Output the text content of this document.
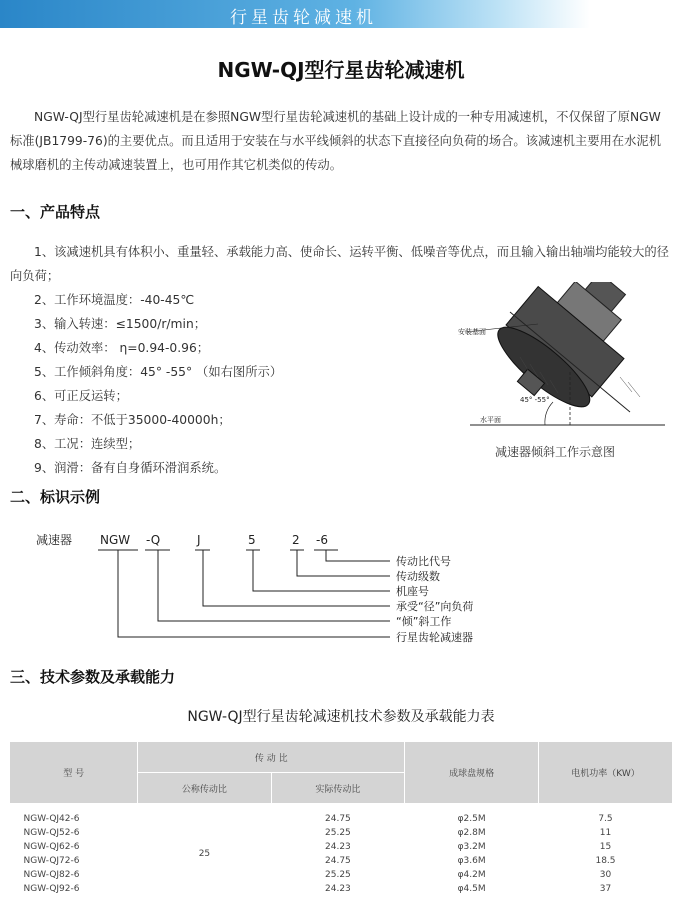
行星齿轮减速机
NGW-QJ型行星齿轮减速机

NGW-QJ型行星齿轮减速机是在参照NGW型行星齿轮减速机的基础上设计成的一种专用减速机，不仅保留了原NGW标准(JB1799-76)的主要优点。而且适用于安装在与水平线倾斜的状态下直接径向负荷的场合。该减速机主要用在水泥机械球磨机的主传动减速装置上，也可用作其它机类似的传动。

一、产品特点
1、该减速机具有体积小、重量轻、承载能力高、使命长、运转平衡、低噪音等优点，而且输入输出轴端均能较大的径向负荷；
2、工作环境温度：-40-45℃
3、输入转速：≤1500/r/min；
4、传动效率： η=0.94-0.96；
5、工作倾斜角度：45° -55° （如右图所示）
6、可正反运转；
7、寿命：不低于35000-40000h；
8、工况：连续型；
9、润滑：备有自身循环滑润系统。
安装基面
45° -55°
水平面
减速器倾斜工作示意图
二、标识示例
减速器 NGW -Q	J	5	2 -6
传动比代号
传动级数
机座号
承受“径”向负荷
“倾”斜工作
行星齿轮减速器
三、技术参数及承载能力
NGW-QJ型行星齿轮减速机技术参数及承载能力表
型 号	传 动 比		成球盘规格	电机功率（KW）
	公称传动比	实际传动比		
NGW-QJ42-6	25	24.75	φ2.5M	7.5
NGW-QJ52-6		25.25	φ2.8M	11
NGW-QJ62-6		24.23	φ3.2M	15
NGW-QJ72-6		24.75	φ3.6M	18.5
NGW-QJ82-6		25.25	φ4.2M	30
NGW-QJ92-6		24.23	φ4.5M	37
